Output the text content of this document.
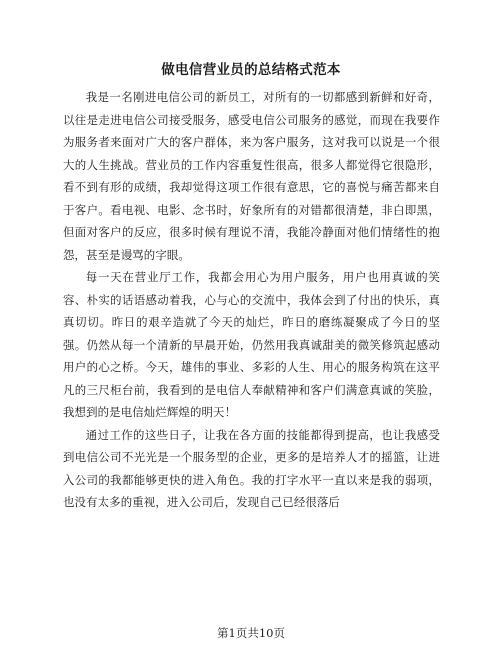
做电信营业员的总结格式范本

我是一名刚进电信公司的新员工，对所有的一切都感到新鲜和好奇，以往是走进电信公司接受服务，感受电信公司服务的感觉，而现在我要作为服务者来面对广大的客户群体，来为客户服务，这对我可以说是一个很大的人生挑战。营业员的工作内容重复性很高，很多人都觉得它很隐形，看不到有形的成绩，我却觉得这项工作很有意思，它的喜悦与痛苦都来自于客户。看电视、电影、念书时，好象所有的对错都很清楚，非白即黑，但面对客户的反应，很多时候有理说不清，我能冷静面对他们情绪性的抱怨，甚至是谩骂的字眼。

每一天在营业厅工作，我都会用心为用户服务，用户也用真诚的笑容、朴实的话语感动着我，心与心的交流中，我体会到了付出的快乐，真真切切。昨日的艰辛造就了今天的灿烂，昨日的磨练凝聚成了今日的坚强。仍然从每一个清新的早晨开始，仍然用我真诚甜美的微笑修筑起感动用户的心之桥。今天，雄伟的事业、多彩的人生、用心的服务构筑在这平凡的三尺柜台前，我看到的是电信人奉献精神和客户们满意真诚的笑脸，我想到的是电信灿烂辉煌的明天！

通过工作的这些日子，让我在各方面的技能都得到提高，也让我感受到电信公司不光光是一个服务型的企业，更多的是培养人才的摇篮，让进入公司的我都能够更快的进入角色。我的打字水平一直以来是我的弱项，也没有太多的重视，进入公司后，发现自己已经很落后

第1页共10页
